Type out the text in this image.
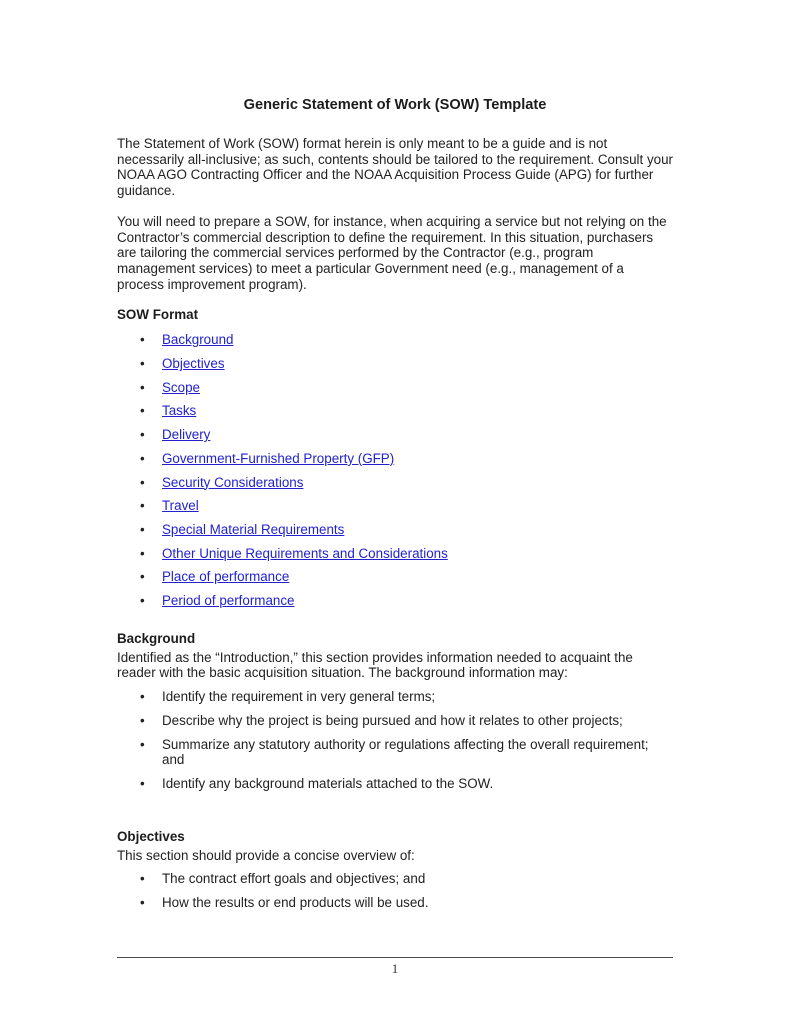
Generic Statement of Work (SOW) Template

The Statement of Work (SOW) format herein is only meant to be a guide and is not necessarily all-inclusive; as such, contents should be tailored to the requirement. Consult your NOAA AGO Contracting Officer and the NOAA Acquisition Process Guide (APG) for further guidance.

You will need to prepare a SOW, for instance, when acquiring a service but not relying on the Contractor’s commercial description to define the requirement. In this situation, purchasers are tailoring the commercial services performed by the Contractor (e.g., program management services) to meet a particular Government need (e.g., management of a process improvement program).

SOW Format
• Background
• Objectives
• Scope
• Tasks
• Delivery
• Government-Furnished Property (GFP)
• Security Considerations
• Travel
• Special Material Requirements
• Other Unique Requirements and Considerations
• Place of performance
• Period of performance
Background

Identified as the “Introduction,” this section provides information needed to acquaint the reader with the basic acquisition situation. The background information may:

• Identify the requirement in very general terms;
• Describe why the project is being pursued and how it relates to other projects;
• Summarize any statutory authority or regulations affecting the overall requirement; and
• Identify any background materials attached to the SOW.
Objectives

This section should provide a concise overview of:

• The contract effort goals and objectives; and
• How the results or end products will be used.
1
